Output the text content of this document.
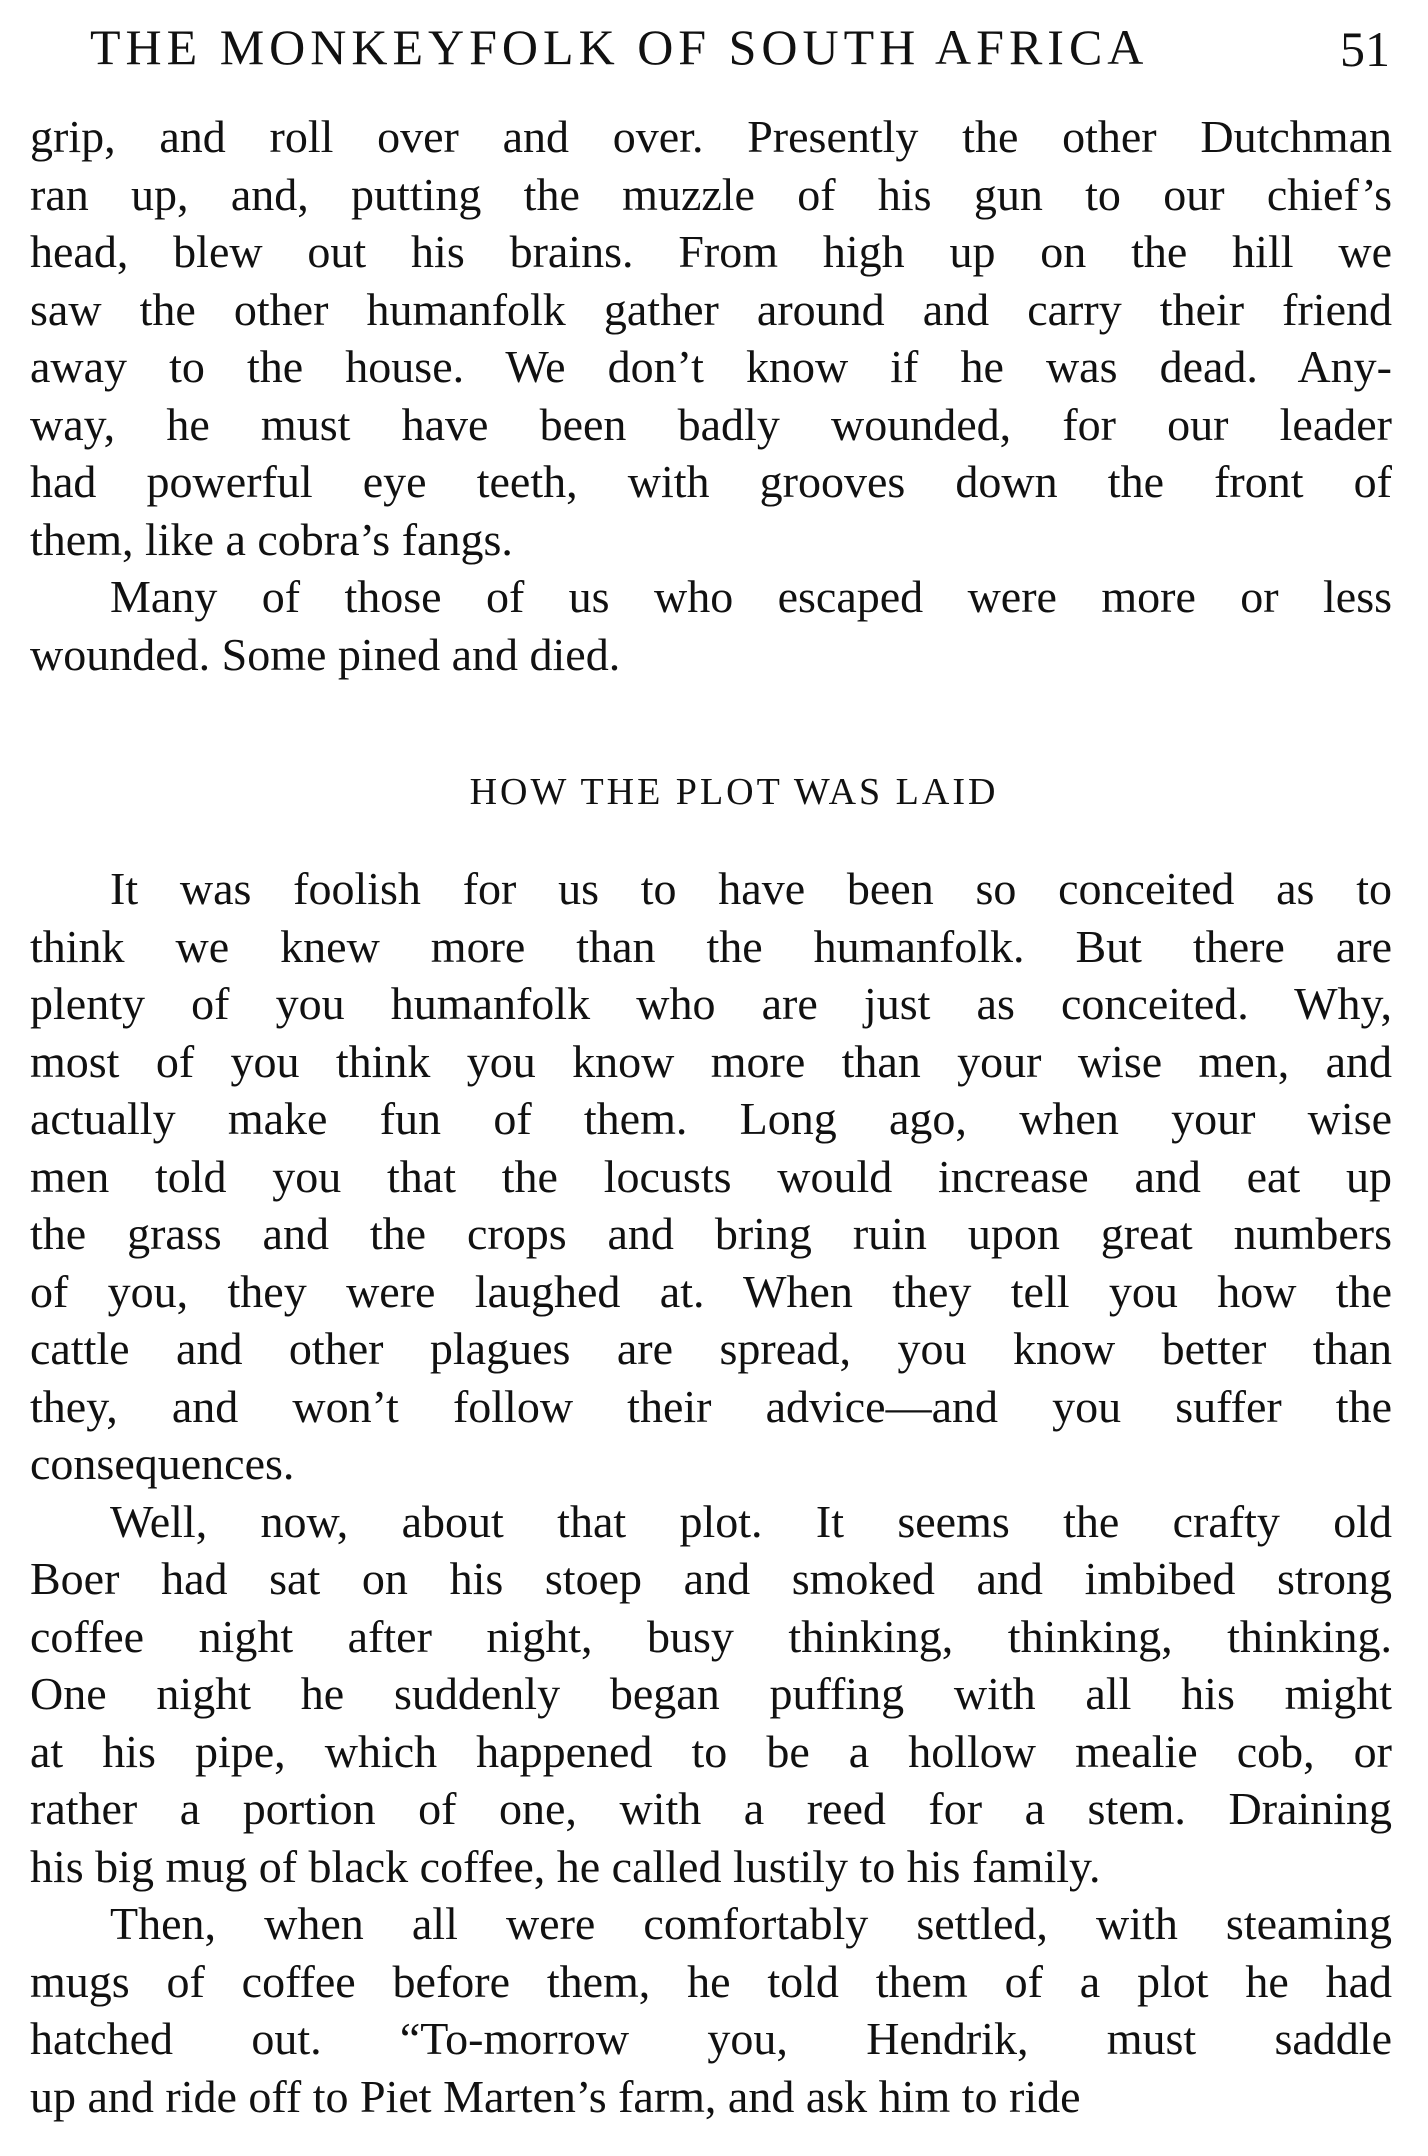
THE MONKEYFOLK OF SOUTH AFRICA	51
grip, and roll over and over. Presently the other Dutchman
ran up, and, putting the muzzle of his gun to our chief’s
head, blew out his brains. From high up on the hill we
saw the other humanfolk gather around and carry their friend
away to the house. We don’t know if he was dead. Any-
way, he must have been badly wounded, for our leader
had powerful eye teeth, with grooves down the front of
them, like a cobra’s fangs.
Many of those of us who escaped were more or less
wounded. Some pined and died.
HOW THE PLOT WAS LAID
It was foolish for us to have been so conceited as to
think we knew more than the humanfolk. But there are
plenty of you humanfolk who are just as conceited. Why,
most of you think you know more than your wise men, and
actually make fun of them. Long ago, when your wise
men told you that the locusts would increase and eat up
the grass and the crops and bring ruin upon great numbers
of you, they were laughed at. When they tell you how the
cattle and other plagues are spread, you know better than
they, and won’t follow their advice—and you suffer the
consequences.
Well, now, about that plot. It seems the crafty old
Boer had sat on his stoep and smoked and imbibed strong
coffee night after night, busy thinking, thinking, thinking.
One night he suddenly began puffing with all his might
at his pipe, which happened to be a hollow mealie cob, or
rather a portion of one, with a reed for a stem. Draining
his big mug of black coffee, he called lustily to his family.
Then, when all were comfortably settled, with steaming
mugs of coffee before them, he told them of a plot he had
hatched out. “To-morrow you, Hendrik, must saddle
up and ride off to Piet Marten’s farm, and ask him to ride
